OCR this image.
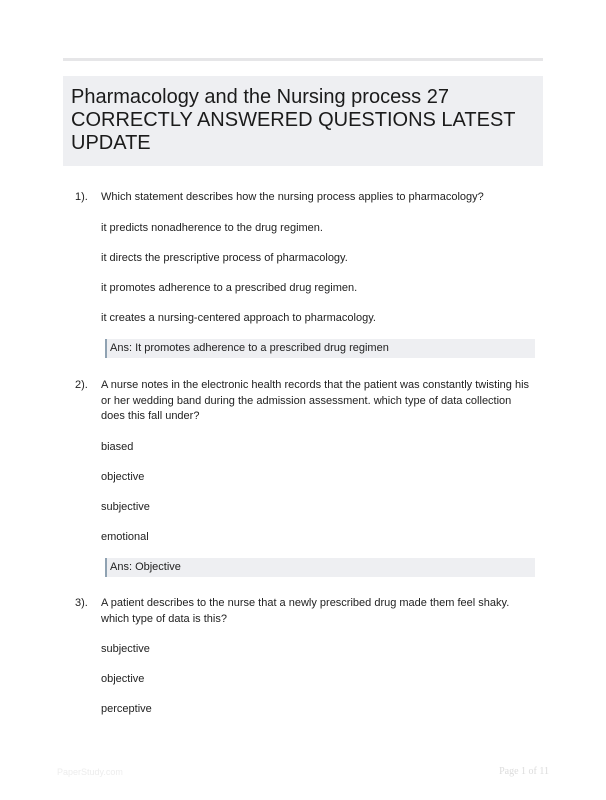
Pharmacology and the Nursing process 27 CORRECTLY ANSWERED QUESTIONS LATEST UPDATE
1). Which statement describes how the nursing process applies to pharmacology?
it predicts nonadherence to the drug regimen.
it directs the prescriptive process of pharmacology.
it promotes adherence to a prescribed drug regimen.
it creates a nursing-centered approach to pharmacology.
Ans: It promotes adherence to a prescribed drug regimen
2). A nurse notes in the electronic health records that the patient was constantly twisting his or her wedding band during the admission assessment. which type of data collection does this fall under?
biased
objective
subjective
emotional
Ans: Objective
3). A patient describes to the nurse that a newly prescribed drug made them feel shaky. which type of data is this?
subjective
objective
perceptive
PaperStudy.com	Page 1 of 11
